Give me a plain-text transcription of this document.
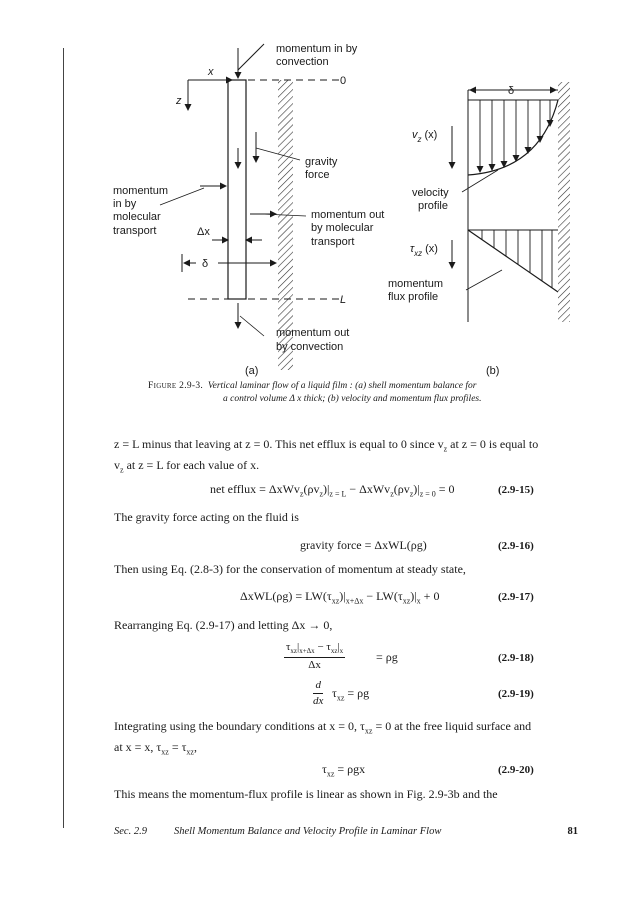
x
z
0
L
momentum in by convection
gravity force
momentum in by molecular transport
momentum out by molecular transport
Δx
δ
momentum out by convection
(a)
δ
$v_z$ (x)
velocity profile
$\tau_{xz}$ (x)
momentum flux profile
(b)
Figure 2.9-3. Vertical laminar flow of a liquid film : (a) shell momentum balance for
a control volume Δ x thick; (b) velocity and momentum flux profiles.
z = L minus that leaving at z = 0. This net efflux is equal to 0 since $v_z$ at z = 0 is equal to
$v_z$ at z = L for each value of x.
net efflux = $\Delta xWv_z(\rho v_z)|_{z = L} - \Delta xWv_z(\rho v_z)|_{z = 0} = 0$	(2.9-15)
The gravity force acting on the fluid is
gravity force = ΔxWL(ρg)	(2.9-16)
Then using Eq. (2.8-3) for the conservation of momentum at steady state,
$\Delta xWL(\rho g) = LW(\tau_{xz})|_{x+\Delta x} - LW(\tau_{xz})|_x + 0$	(2.9-17)
Rearranging Eq. (2.9-17) and letting Δx → 0,
$\tau_{xz}|_{x+\Delta x} - \tau_{xz}|_x$
Δx
= ρg	(2.9-18)
$\frac{d}{dx} \tau_{xz} = \rho g$	(2.9-19)
Integrating using the boundary conditions at x = 0, $\tau_{xz} = 0$ at the free liquid surface and
at x = x, $\tau_{xz} = \tau_{xz}$,
$\tau_{xz} = \rho gx$	(2.9-20)
This means the momentum-flux profile is linear as shown in Fig. 2.9-3b and the
Sec. 2.9	Shell Momentum Balance and Velocity Profile in Laminar Flow	81
